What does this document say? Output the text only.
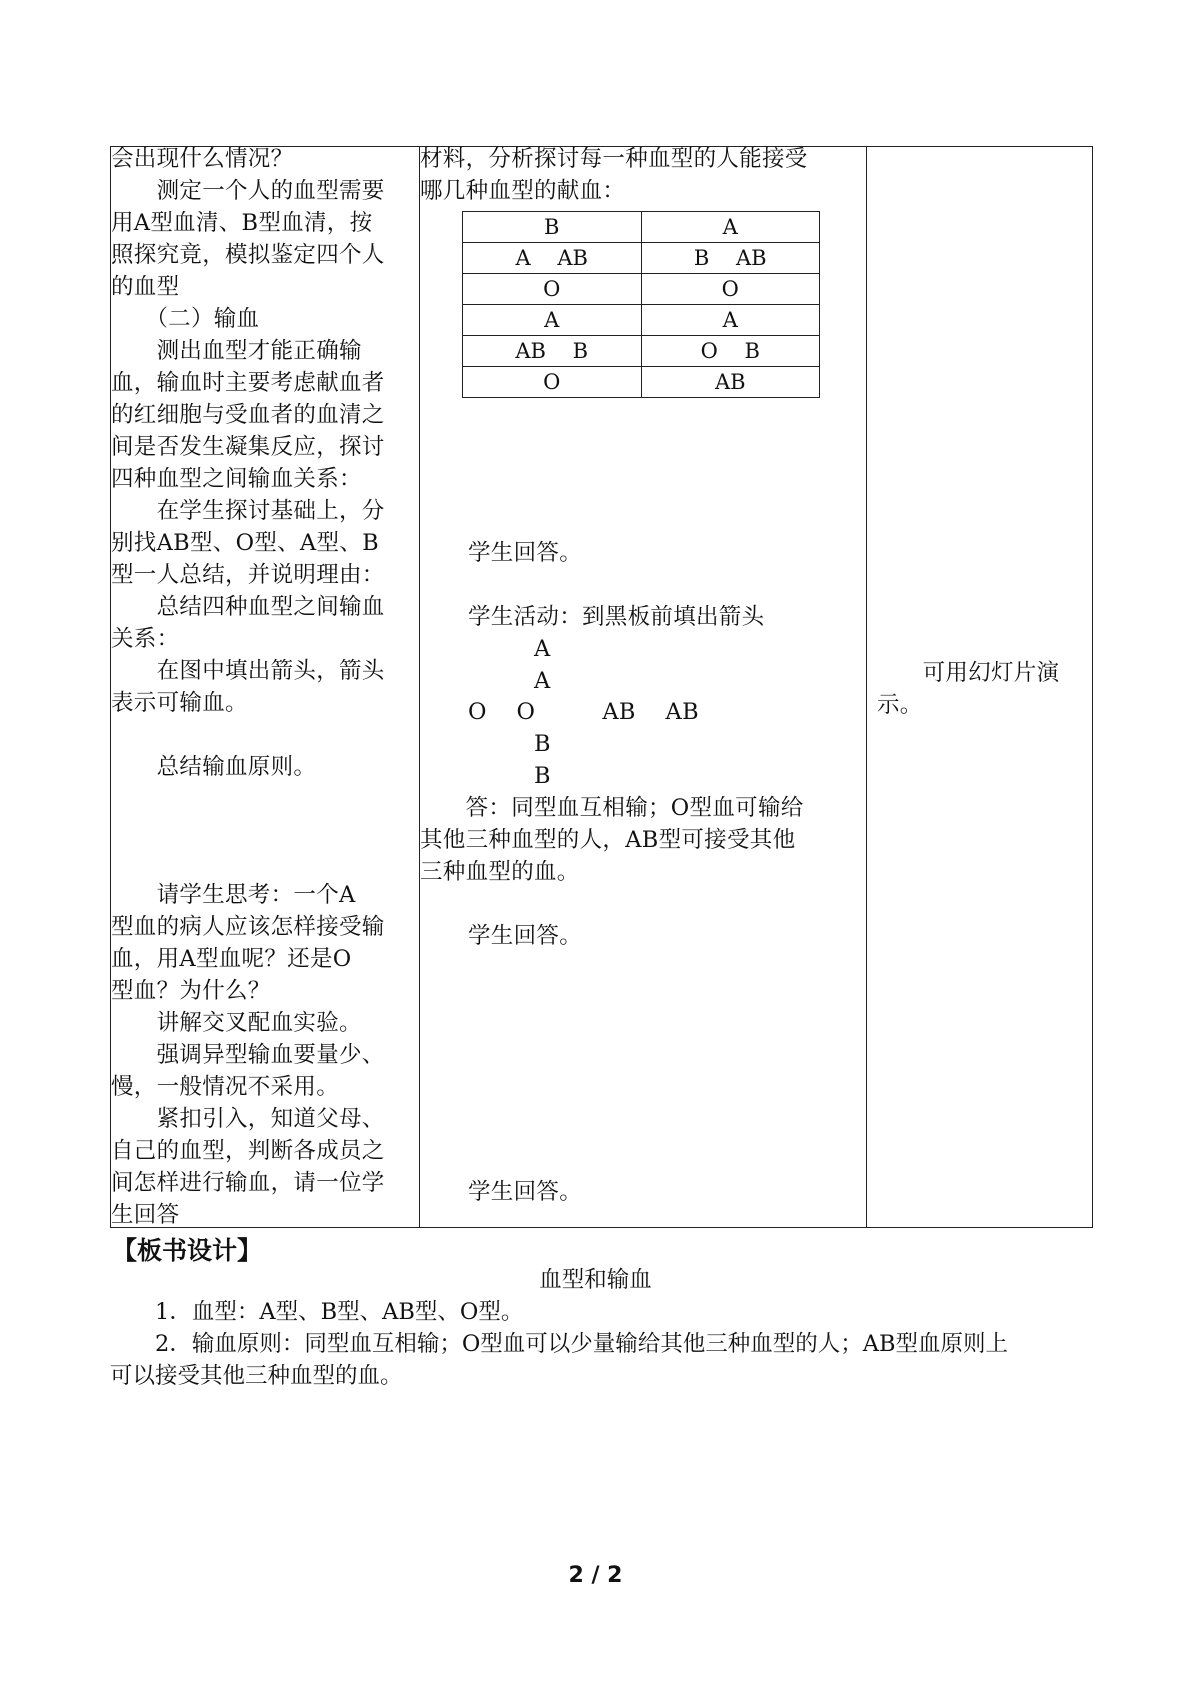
会出现什么情况？
　　测定一个人的血型需要
用A型血清、B型血清，按
照探究竟，模拟鉴定四个人
的血型
　　（二）输血
　　测出血型才能正确输
血，输血时主要考虑献血者
的红细胞与受血者的血清之
间是否发生凝集反应，探讨
四种血型之间输血关系：
　　在学生探讨基础上，分
别找AB型、O型、A型、B
型一人总结，并说明理由：
　　总结四种血型之间输血
关系：
　　在图中填出箭头，箭头
表示可输血。
　　总结输血原则。
　　请学生思考：一个A
型血的病人应该怎样接受输
血，用A型血呢？还是O
型血？为什么？
　　讲解交叉配血实验。
　　强调异型输血要量少、
慢，一般情况不采用。
　　紧扣引入，知道父母、
自己的血型，判断各成员之
间怎样进行输血，请一位学
生回答

材料，分析探讨每一种血型的人能接受
哪几种血型的献血：
学生回答。
学生活动：到黑板前填出箭头
A
A
O    O         AB    AB
B
B
　　答：同型血互相输；O型血可输给
其他三种血型的人，AB型可接受其他
三种血型的血。
学生回答。
学生回答。

　　可用幻灯片演
示。
B	A
A    AB	B    AB
O	O
A	A
AB    B	O    B
O	AB
【板书设计】
血型和输血
1．血型：A型、B型、AB型、O型。
2．输血原则：同型血互相输；O型血可以少量输给其他三种血型的人；AB型血原则上
可以接受其他三种血型的血。
2 / 2
